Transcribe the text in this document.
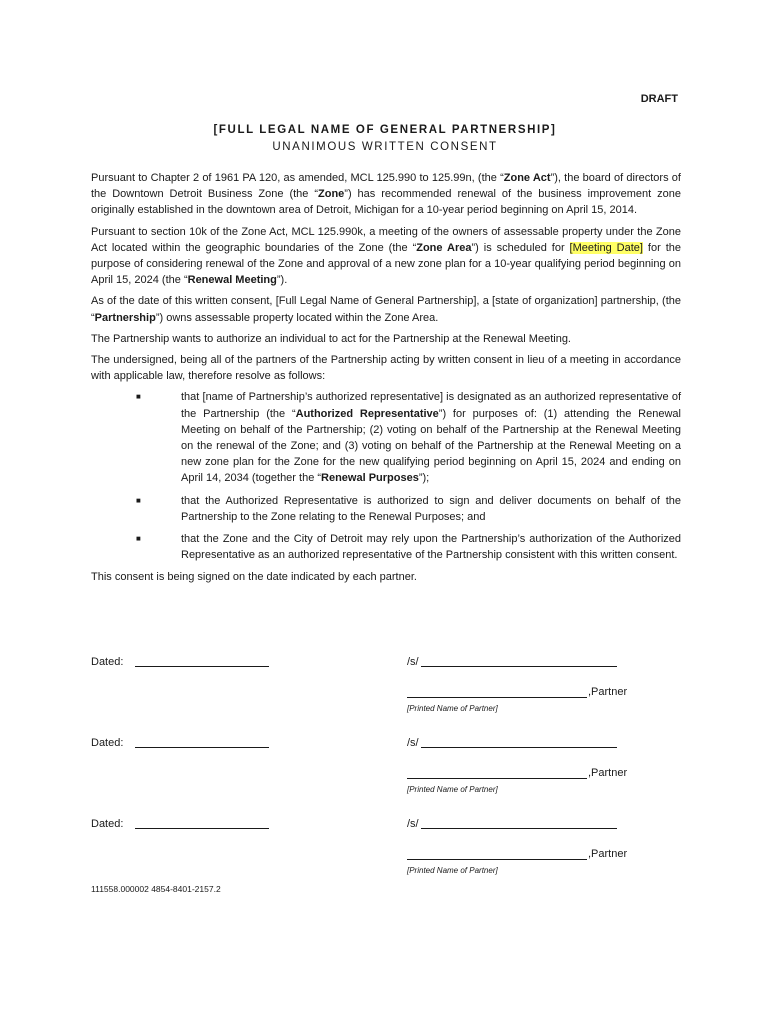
DRAFT
[FULL LEGAL NAME OF GENERAL PARTNERSHIP]
UNANIMOUS WRITTEN CONSENT

Pursuant to Chapter 2 of 1961 PA 120, as amended, MCL 125.990 to 125.99n, (the “Zone Act”), the board of directors of the Downtown Detroit Business Zone (the “Zone”) has recommended renewal of the business improvement zone originally established in the downtown area of Detroit, Michigan for a 10-year period beginning on April 15, 2014.

Pursuant to section 10k of the Zone Act, MCL 125.990k, a meeting of the owners of assessable property under the Zone Act located within the geographic boundaries of the Zone (the “Zone Area”) is scheduled for [Meeting Date] for the purpose of considering renewal of the Zone and approval of a new zone plan for a 10-year qualifying period beginning on April 15, 2024 (the “Renewal Meeting”).

As of the date of this written consent, [Full Legal Name of General Partnership], a [state of organization] partnership, (the “Partnership”) owns assessable property located within the Zone Area.

The Partnership wants to authorize an individual to act for the Partnership at the Renewal Meeting.

The undersigned, being all of the partners of the Partnership acting by written consent in lieu of a meeting in accordance with applicable law, therefore resolve as follows:

■	that [name of Partnership’s authorized representative] is designated as an authorized representative of the Partnership (the “Authorized Representative”) for purposes of: (1) attending the Renewal Meeting on behalf of the Partnership; (2) voting on behalf of the Partnership at the Renewal Meeting on the renewal of the Zone; and (3) voting on behalf of the Partnership at the Renewal Meeting on a new zone plan for the Zone for the new qualifying period beginning on April 15, 2024 and ending on April 14, 2034 (together the “Renewal Purposes”);
■	that the Authorized Representative is authorized to sign and deliver documents on behalf of the Partnership to the Zone relating to the Renewal Purposes; and
■	that the Zone and the City of Detroit may rely upon the Partnership’s authorization of the Authorized Representative as an authorized representative of the Partnership consistent with this written consent.

This consent is being signed on the date indicated by each partner.

Dated:	/s/
,Partner
[Printed Name of Partner]
Dated:	/s/
,Partner
[Printed Name of Partner]
Dated:	/s/
,Partner
[Printed Name of Partner]
111558.000002 4854-8401-2157.2
